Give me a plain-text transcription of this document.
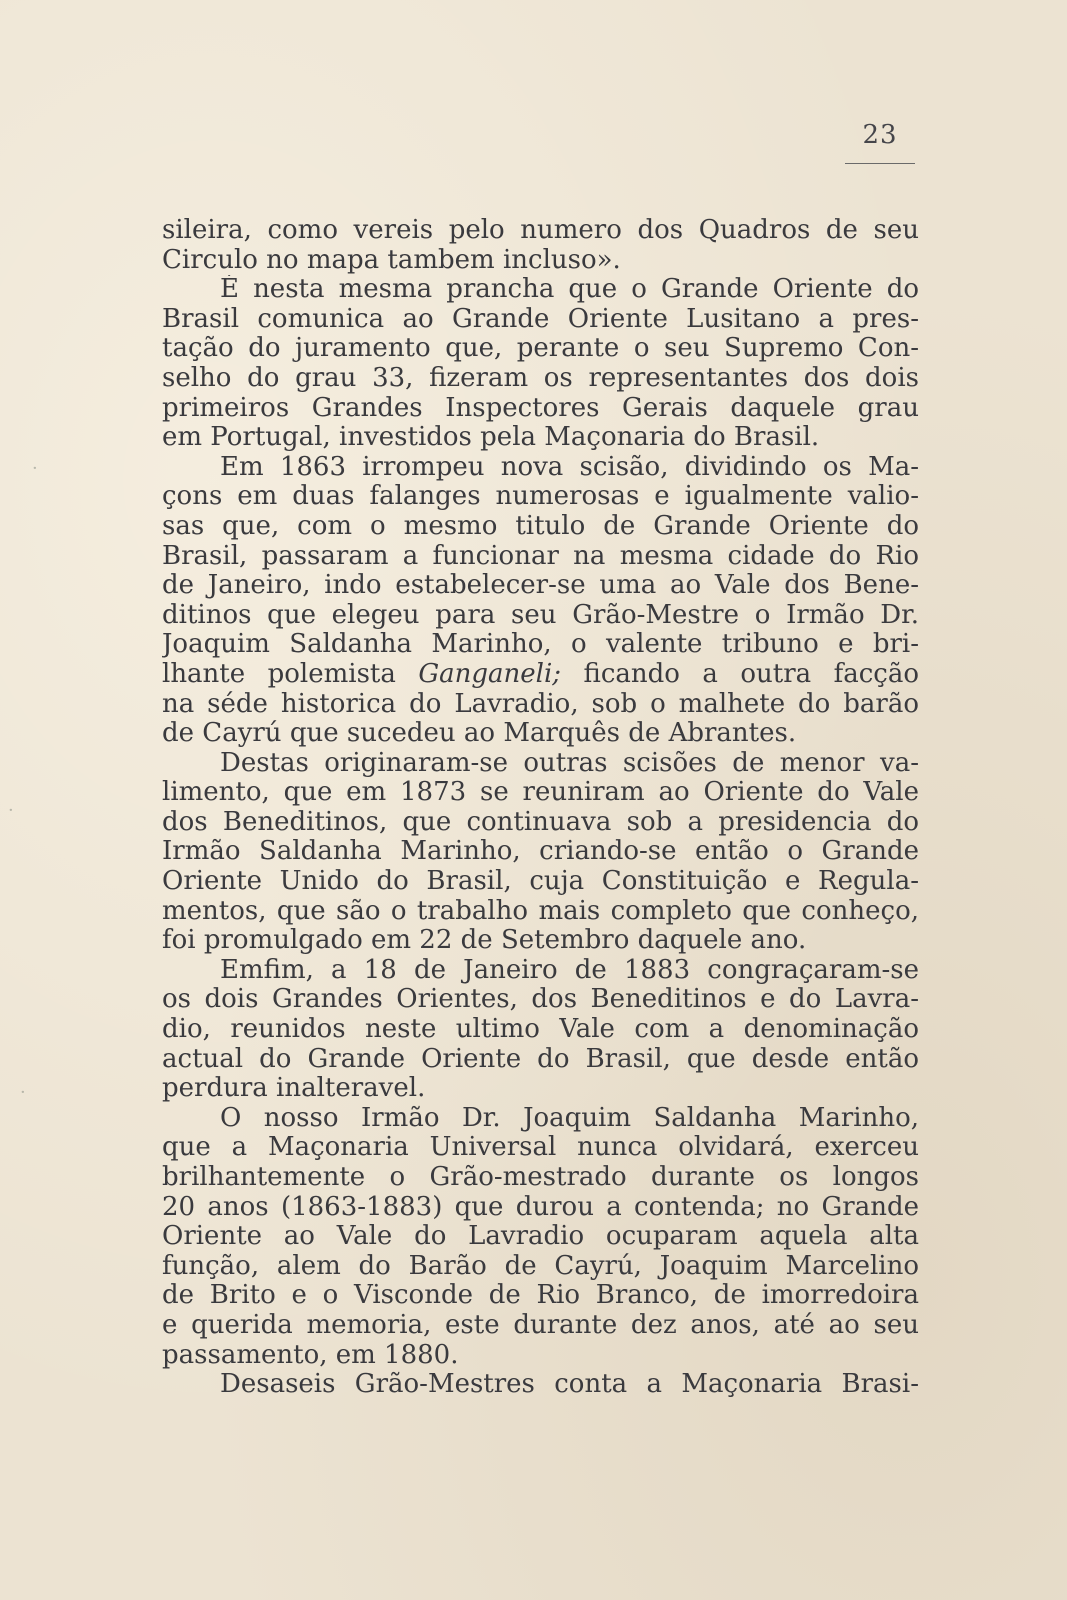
23
sileira, como vereis pelo numero dos Quadros de seu
Circulo no mapa tambem incluso».
É nesta mesma prancha que o Grande Oriente do
Brasil comunica ao Grande Oriente Lusitano a pres-
tação do juramento que, perante o seu Supremo Con-
selho do grau 33, fizeram os representantes dos dois
primeiros Grandes Inspectores Gerais daquele grau
em Portugal, investidos pela Maçonaria do Brasil.
Em 1863 irrompeu nova scisão, dividindo os Ma-
çons em duas falanges numerosas e igualmente valio-
sas que, com o mesmo titulo de Grande Oriente do
Brasil, passaram a funcionar na mesma cidade do Rio
de Janeiro, indo estabelecer-se uma ao Vale dos Bene-
ditinos que elegeu para seu Grão-Mestre o Irmão Dr.
Joaquim Saldanha Marinho, o valente tribuno e bri-
lhante polemista Ganganeli; ficando a outra facção
na séde historica do Lavradio, sob o malhete do barão
de Cayrú que sucedeu ao Marquês de Abrantes.
Destas originaram-se outras scisões de menor va-
limento, que em 1873 se reuniram ao Oriente do Vale
dos Beneditinos, que continuava sob a presidencia do
Irmão Saldanha Marinho, criando-se então o Grande
Oriente Unido do Brasil, cuja Constituição e Regula-
mentos, que são o trabalho mais completo que conheço,
foi promulgado em 22 de Setembro daquele ano.
Emfim, a 18 de Janeiro de 1883 congraçaram-se
os dois Grandes Orientes, dos Beneditinos e do Lavra-
dio, reunidos neste ultimo Vale com a denominação
actual do Grande Oriente do Brasil, que desde então
perdura inalteravel.
O nosso Irmão Dr. Joaquim Saldanha Marinho,
que a Maçonaria Universal nunca olvidará, exerceu
brilhantemente o Grão-mestrado durante os longos
20 anos (1863-1883) que durou a contenda; no Grande
Oriente ao Vale do Lavradio ocuparam aquela alta
função, alem do Barão de Cayrú, Joaquim Marcelino
de Brito e o Visconde de Rio Branco, de imorredoira
e querida memoria, este durante dez anos, até ao seu
passamento, em 1880.
Desaseis Grão-Mestres conta a Maçonaria Brasi-
·
·
·
